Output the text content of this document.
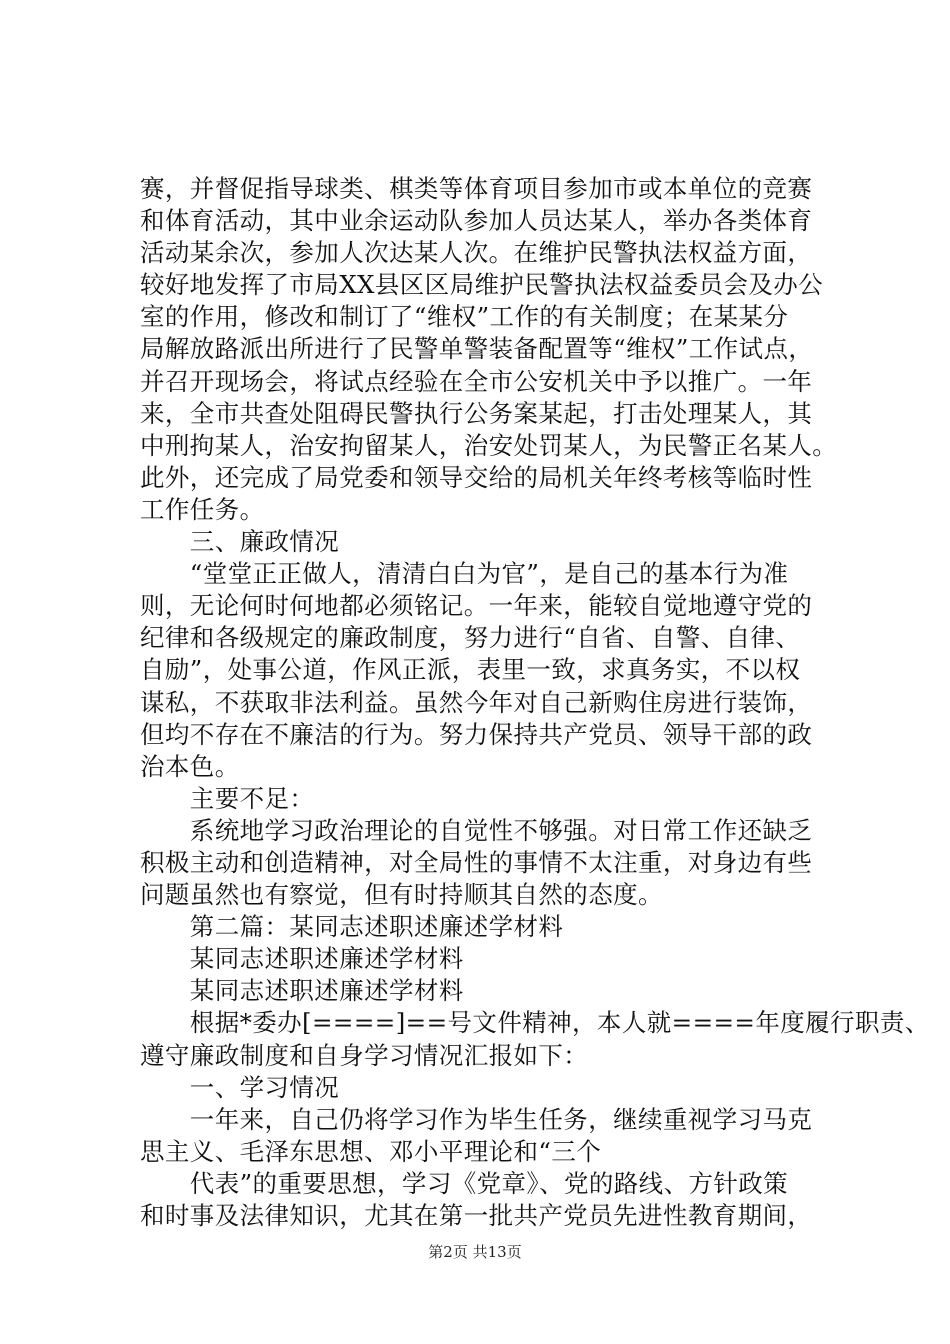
赛，并督促指导球类、棋类等体育项目参加市或本单位的竞赛
和体育活动，其中业余运动队参加人员达某人，举办各类体育
活动某余次，参加人次达某人次。在维护民警执法权益方面，
较好地发挥了市局XX县区区局维护民警执法权益委员会及办公
室的作用，修改和制订了“维权”工作的有关制度；在某某分
局解放路派出所进行了民警单警装备配置等“维权”工作试点，
并召开现场会，将试点经验在全市公安机关中予以推广。一年
来，全市共查处阻碍民警执行公务案某起，打击处理某人，其
中刑拘某人，治安拘留某人，治安处罚某人，为民警正名某人。
此外，还完成了局党委和领导交给的局机关年终考核等临时性
工作任务。
　　三、廉政情况
　　“堂堂正正做人，清清白白为官”，是自己的基本行为准
则，无论何时何地都必须铭记。一年来，能较自觉地遵守党的
纪律和各级规定的廉政制度，努力进行“自省、自警、自律、
自励”，处事公道，作风正派，表里一致，求真务实，不以权
谋私，不获取非法利益。虽然今年对自己新购住房进行装饰，
但均不存在不廉洁的行为。努力保持共产党员、领导干部的政
治本色。
　　主要不足：
　　系统地学习政治理论的自觉性不够强。对日常工作还缺乏
积极主动和创造精神，对全局性的事情不太注重，对身边有些
问题虽然也有察觉，但有时持顺其自然的态度。
　　第二篇：某同志述职述廉述学材料
　　某同志述职述廉述学材料
　　某同志述职述廉述学材料
　　根据*委办[====]==号文件精神，本人就====年度履行职责、
遵守廉政制度和自身学习情况汇报如下：
　　一、学习情况
　　一年来，自己仍将学习作为毕生任务，继续重视学习马克
思主义、毛泽东思想、邓小平理论和“三个
　　代表”的重要思想，学习《党章》、党的路线、方针政策
和时事及法律知识，尤其在第一批共产党员先进性教育期间，
第2页 共13页
